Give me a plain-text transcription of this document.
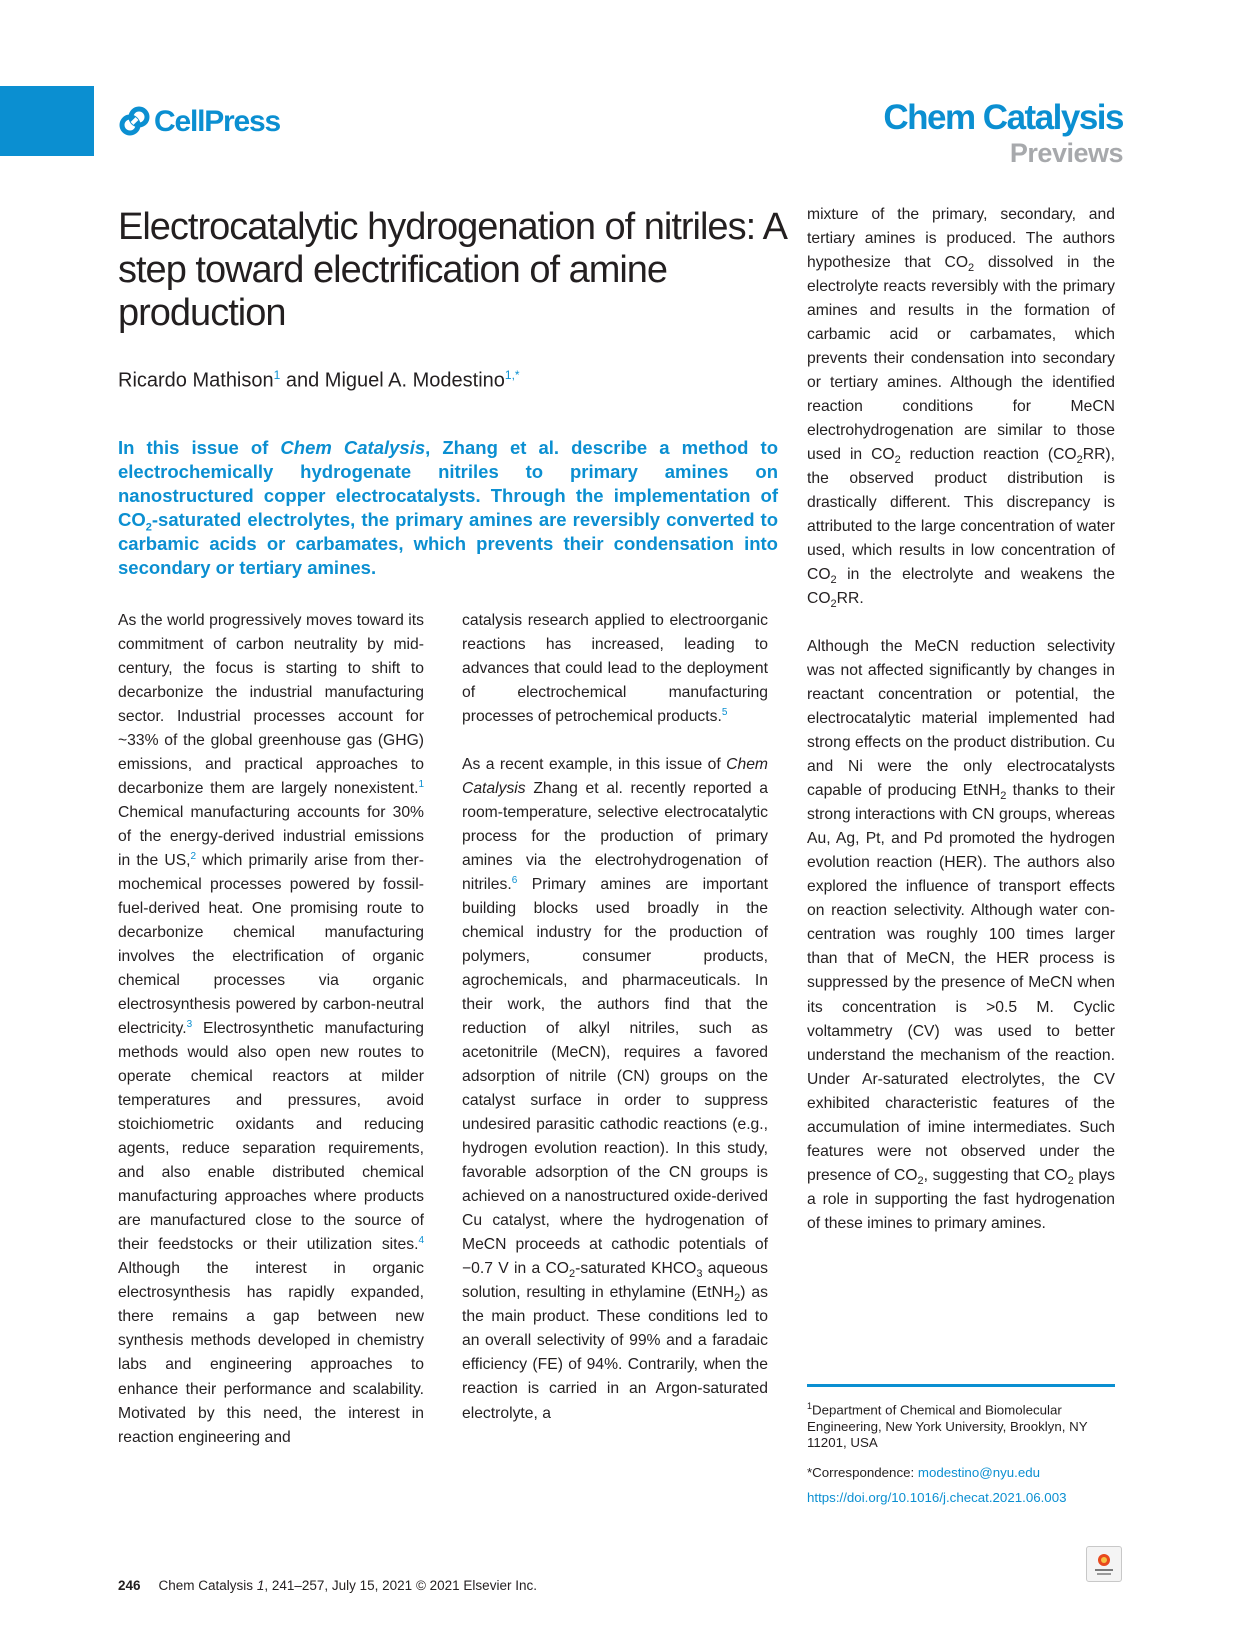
CellPress	Chem Catalysis
Previews
Electrocatalytic hydrogenation of nitriles: A step toward electrification of amine production
Ricardo Mathison$^1$ and Miguel A. Modestino$^{1,*}$

In this issue of Chem Catalysis, Zhang et al. describe a method to electrochemically hydrogenate nitriles to primary amines on nanostructured copper electrocatalysts. Through the implementation of $CO_2$-saturated electrolytes, the primary amines are reversibly converted to carbamic acids or carbamates, which prevents their condensation into secondary or tertiary amines.

As the world progressively moves toward its commitment of carbon neutrality by mid-century, the focus is starting to shift to decarbonize the industrial manufacturing sector. Industrial processes account for ~33% of the global greenhouse gas (GHG) emissions, and practical approaches to decarbonize them are largely nonexistent.$^1$ Chemical manufacturing accounts for 30% of the energy-derived industrial emissions in the US,$^2$ which primarily arise from thermochemical processes powered by fossil-fuel-derived heat. One promising route to decarbonize chemical manufacturing involves the electrification of organic chemical processes via organic electrosynthesis powered by carbon-neutral electricity.$^3$ Electrosynthetic manufacturing methods would also open new routes to operate chemical reactors at milder temperatures and pressures, avoid stoichiometric oxidants and reducing agents, reduce separation requirements, and also enable distributed chemical manufacturing approaches where products are manufactured close to the source of their feedstocks or their utilization sites.$^4$ Although the interest in organic electrosynthesis has rapidly expanded, there remains a gap between new synthesis methods developed in chemistry labs and engineering approaches to enhance their performance and scalability. Motivated by this need, the interest in reaction engineering and

catalysis research applied to electroorganic reactions has increased, leading to advances that could lead to the deployment of electrochemical manufacturing processes of petrochemical products.$^5$

As a recent example, in this issue of Chem Catalysis Zhang et al. recently reported a room-temperature, selective electrocatalytic process for the production of primary amines via the electrohydrogenation of nitriles.$^6$ Primary amines are important building blocks used broadly in the chemical industry for the production of polymers, consumer products, agrochemicals, and pharmaceuticals. In their work, the authors find that the reduction of alkyl nitriles, such as acetonitrile (MeCN), requires a favored adsorption of nitrile (CN) groups on the catalyst surface in order to suppress undesired parasitic cathodic reactions (e.g., hydrogen evolution reaction). In this study, favorable adsorption of the CN groups is achieved on a nanostructured oxide-derived Cu catalyst, where the hydrogenation of MeCN proceeds at cathodic potentials of −0.7 V in a $CO_2$-saturated $KHCO_3$ aqueous solution, resulting in ethylamine (EtNH$_2$) as the main product. These conditions led to an overall selectivity of 99% and a faradaic efficiency (FE) of 94%. Contrarily, when the reaction is carried in an Argon-saturated electrolyte, a

mixture of the primary, secondary, and tertiary amines is produced. The authors hypothesize that $CO_2$ dissolved in the electrolyte reacts reversibly with the primary amines and results in the formation of carbamic acid or carbamates, which prevents their condensation into secondary or tertiary amines. Although the identified reaction conditions for MeCN electrohydrogenation are similar to those used in $CO_2$ reduction reaction $(CO_2RR)$, the observed product distribution is drastically different. This discrepancy is attributed to the large concentration of water used, which results in low concentration of $CO_2$ in the electrolyte and weakens the $CO_2RR$.

Although the MeCN reduction selectivity was not affected significantly by changes in reactant concentration or potential, the electrocatalytic material implemented had strong effects on the product distribution. Cu and Ni were the only electrocatalysts capable of producing EtNH$_2$ thanks to their strong interactions with CN groups, whereas Au, Ag, Pt, and Pd promoted the hydrogen evolution reaction (HER). The authors also explored the influence of transport effects on reaction selectivity. Although water concentration was roughly 100 times larger than that of MeCN, the HER process is suppressed by the presence of MeCN when its concentration is >0.5 M. Cyclic voltammetry (CV) was used to better understand the mechanism of the reaction. Under Ar-saturated electrolytes, the CV exhibited characteristic features of the accumulation of imine intermediates. Such features were not observed under the presence of $CO_2$, suggesting that $CO_2$ plays a role in supporting the fast hydrogenation of these imines to primary amines.

$^1$Department of Chemical and Biomolecular Engineering, New York University, Brooklyn, NY 11201, USA
*Correspondence: modestino@nyu.edu
https://doi.org/10.1016/j.checat.2021.06.003
246 Chem Catalysis 1, 241–257, July 15, 2021 © 2021 Elsevier Inc.
